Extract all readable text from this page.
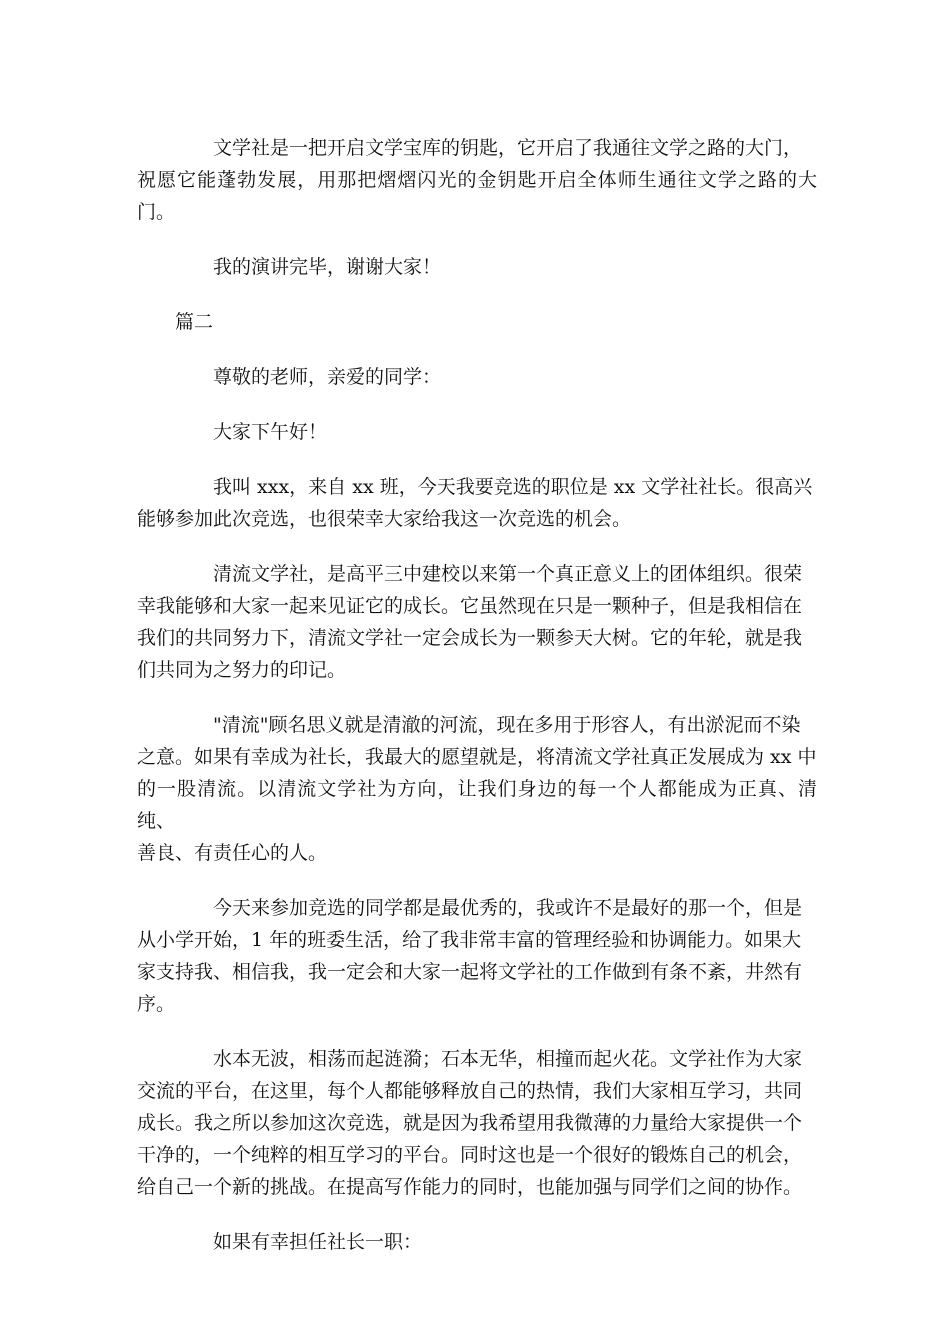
文学社是一把开启文学宝库的钥匙，它开启了我通往文学之路的大门，
祝愿它能蓬勃发展，用那把熠熠闪光的金钥匙开启全体师生通往文学之路的大门。
我的演讲完毕，谢谢大家！
篇二
尊敬的老师，亲爱的同学：
大家下午好！
我叫 xxx，来自 xx 班，今天我要竞选的职位是 xx 文学社社长。很高兴
能够参加此次竞选，也很荣幸大家给我这一次竞选的机会。
清流文学社，是高平三中建校以来第一个真正意义上的团体组织。很荣
幸我能够和大家一起来见证它的成长。它虽然现在只是一颗种子，但是我相信在
我们的共同努力下，清流文学社一定会成长为一颗参天大树。它的年轮，就是我
们共同为之努力的印记。
"清流"顾名思义就是清澈的河流，现在多用于形容人，有出淤泥而不染
之意。如果有幸成为社长，我最大的愿望就是，将清流文学社真正发展成为 xx 中
的一股清流。以清流文学社为方向，让我们身边的每一个人都能成为正真、清纯、
善良、有责任心的人。
今天来参加竞选的同学都是最优秀的，我或许不是最好的那一个，但是
从小学开始，1 年的班委生活，给了我非常丰富的管理经验和协调能力。如果大
家支持我、相信我，我一定会和大家一起将文学社的工作做到有条不紊，井然有
序。
水本无波，相荡而起涟漪；石本无华，相撞而起火花。文学社作为大家
交流的平台，在这里，每个人都能够释放自己的热情，我们大家相互学习，共同
成长。我之所以参加这次竞选，就是因为我希望用我微薄的力量给大家提供一个
干净的，一个纯粹的相互学习的平台。同时这也是一个很好的锻炼自己的机会，
给自己一个新的挑战。在提高写作能力的同时，也能加强与同学们之间的协作。
如果有幸担任社长一职：
